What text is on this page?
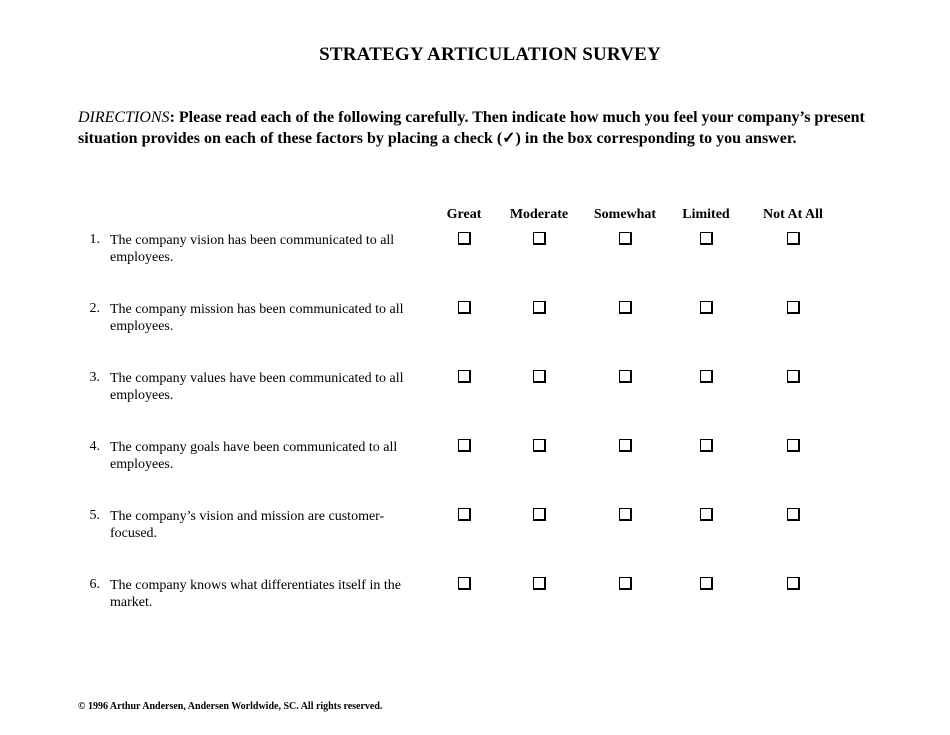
STRATEGY ARTICULATION SURVEY
DIRECTIONS: Please read each of the following carefully. Then indicate how much you feel your company’s present situation provides on each of these factors by placing a check (✓) in the box corresponding to you answer.
Great	Moderate	Somewhat	Limited	Not At All
1. The company vision has been communicated to all employees.
2. The company mission has been communicated to all employees.
3. The company values have been communicated to all employees.
4. The company goals have been communicated to all employees.
5. The company’s vision and mission are customer-focused.
6. The company knows what differentiates itself in the market.
© 1996 Arthur Andersen, Andersen Worldwide, SC. All rights reserved.
